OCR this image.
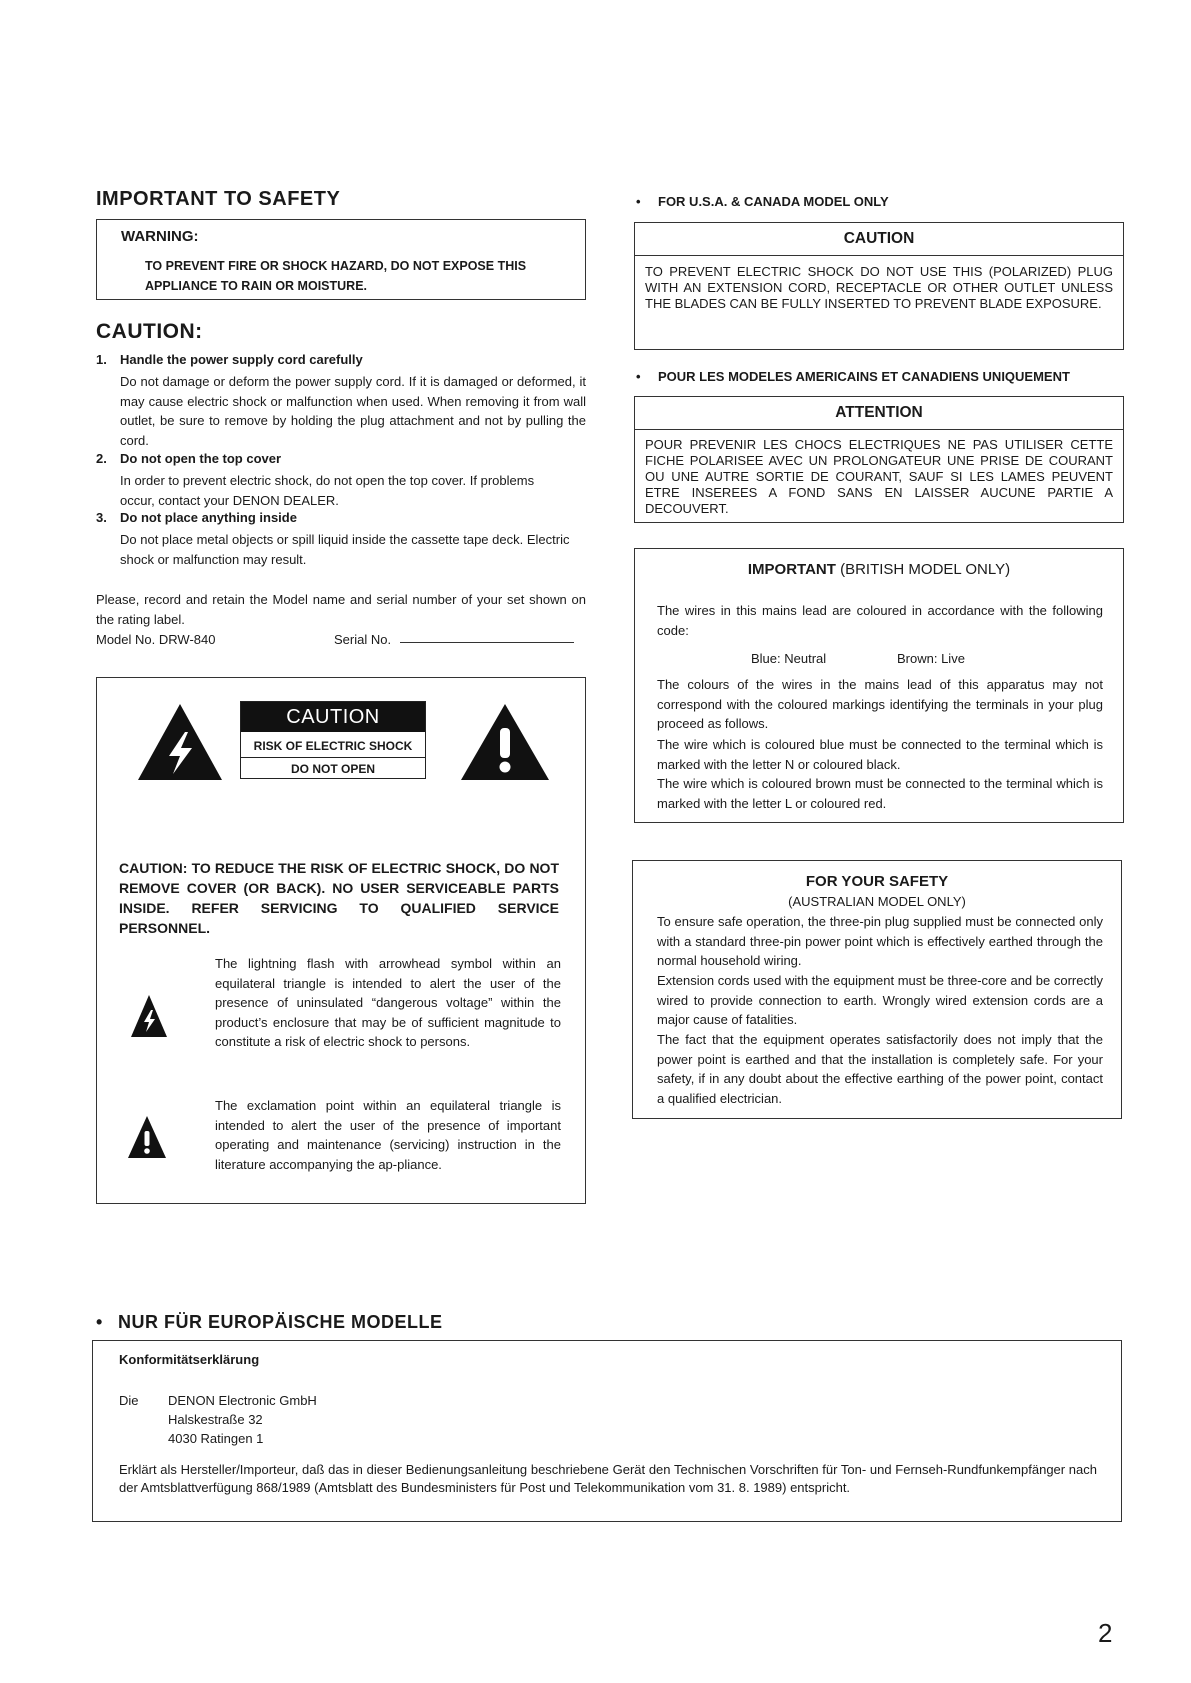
IMPORTANT TO SAFETY
WARNING:
TO PREVENT FIRE OR SHOCK HAZARD, DO NOT EXPOSE THIS APPLIANCE TO RAIN OR MOISTURE.
CAUTION:
1. Handle the power supply cord carefully
Do not damage or deform the power supply cord. If it is damaged or deformed, it may cause electric shock or malfunction when used. When removing it from wall outlet, be sure to remove by holding the plug attachment and not by pulling the cord.
2. Do not open the top cover
In order to prevent electric shock, do not open the top cover. If problems occur, contact your DENON DEALER.
3. Do not place anything inside
Do not place metal objects or spill liquid inside the cassette tape deck. Electric shock or malfunction may result.
Please, record and retain the Model name and serial number of your set shown on the rating label.
Model No. DRW-840	Serial No.
CAUTION
RISK OF ELECTRIC SHOCK
DO NOT OPEN
CAUTION: TO REDUCE THE RISK OF ELECTRIC SHOCK, DO NOT REMOVE COVER (OR BACK). NO USER SERVICEABLE PARTS INSIDE. REFER SERVICING TO QUALIFIED SERVICE PERSONNEL.
The lightning flash with arrowhead symbol within an equilateral triangle is intended to alert the user of the presence of uninsulated “dangerous voltage” within the product’s enclosure that may be of sufficient magnitude to constitute a risk of electric shock to persons.
The exclamation point within an equilateral triangle is intended to alert the user of the presence of important operating and maintenance (servicing) instruction in the literature accompanying the ap-pliance.
• FOR U.S.A. & CANADA MODEL ONLY
CAUTION
TO PREVENT ELECTRIC SHOCK DO NOT USE THIS (POLARIZED) PLUG WITH AN EXTENSION CORD, RECEPTACLE OR OTHER OUTLET UNLESS THE BLADES CAN BE FULLY INSERTED TO PREVENT BLADE EXPOSURE.
• POUR LES MODELES AMERICAINS ET CANADIENS UNIQUEMENT
ATTENTION
POUR PREVENIR LES CHOCS ELECTRIQUES NE PAS UTILISER CETTE FICHE POLARISEE AVEC UN PROLONGATEUR UNE PRISE DE COURANT OU UNE AUTRE SORTIE DE COURANT, SAUF SI LES LAMES PEUVENT ETRE INSEREES A FOND SANS EN LAISSER AUCUNE PARTIE A DECOUVERT.
IMPORTANT (BRITISH MODEL ONLY)
The wires in this mains lead are coloured in accordance with the following code:
Blue: Neutral	Brown: Live
The colours of the wires in the mains lead of this apparatus may not correspond with the coloured markings identifying the terminals in your plug proceed as follows.
The wire which is coloured blue must be connected to the terminal which is marked with the letter N or coloured black.
The wire which is coloured brown must be connected to the terminal which is marked with the letter L or coloured red.
FOR YOUR SAFETY
(AUSTRALIAN MODEL ONLY)
To ensure safe operation, the three-pin plug supplied must be connected only with a standard three-pin power point which is effectively earthed through the normal household wiring.
Extension cords used with the equipment must be three-core and be correctly wired to provide connection to earth. Wrongly wired extension cords are a major cause of fatalities.
The fact that the equipment operates satisfactorily does not imply that the power point is earthed and that the installation is completely safe. For your safety, if in any doubt about the effective earthing of the power point, contact a qualified electrician.
• NUR FÜR EUROPÄISCHE MODELLE
Konformitätserklärung
Die DENON Electronic GmbH
Halskestraße 32
4030 Ratingen 1
Erklärt als Hersteller/Importeur, daß das in dieser Bedienungsanleitung beschriebene Gerät den Technischen Vorschriften für Ton- und Fernseh-Rundfunkempfänger nach der Amtsblattverfügung 868/1989 (Amtsblatt des Bundesministers für Post und Telekommunikation vom 31. 8. 1989) entspricht.
2
